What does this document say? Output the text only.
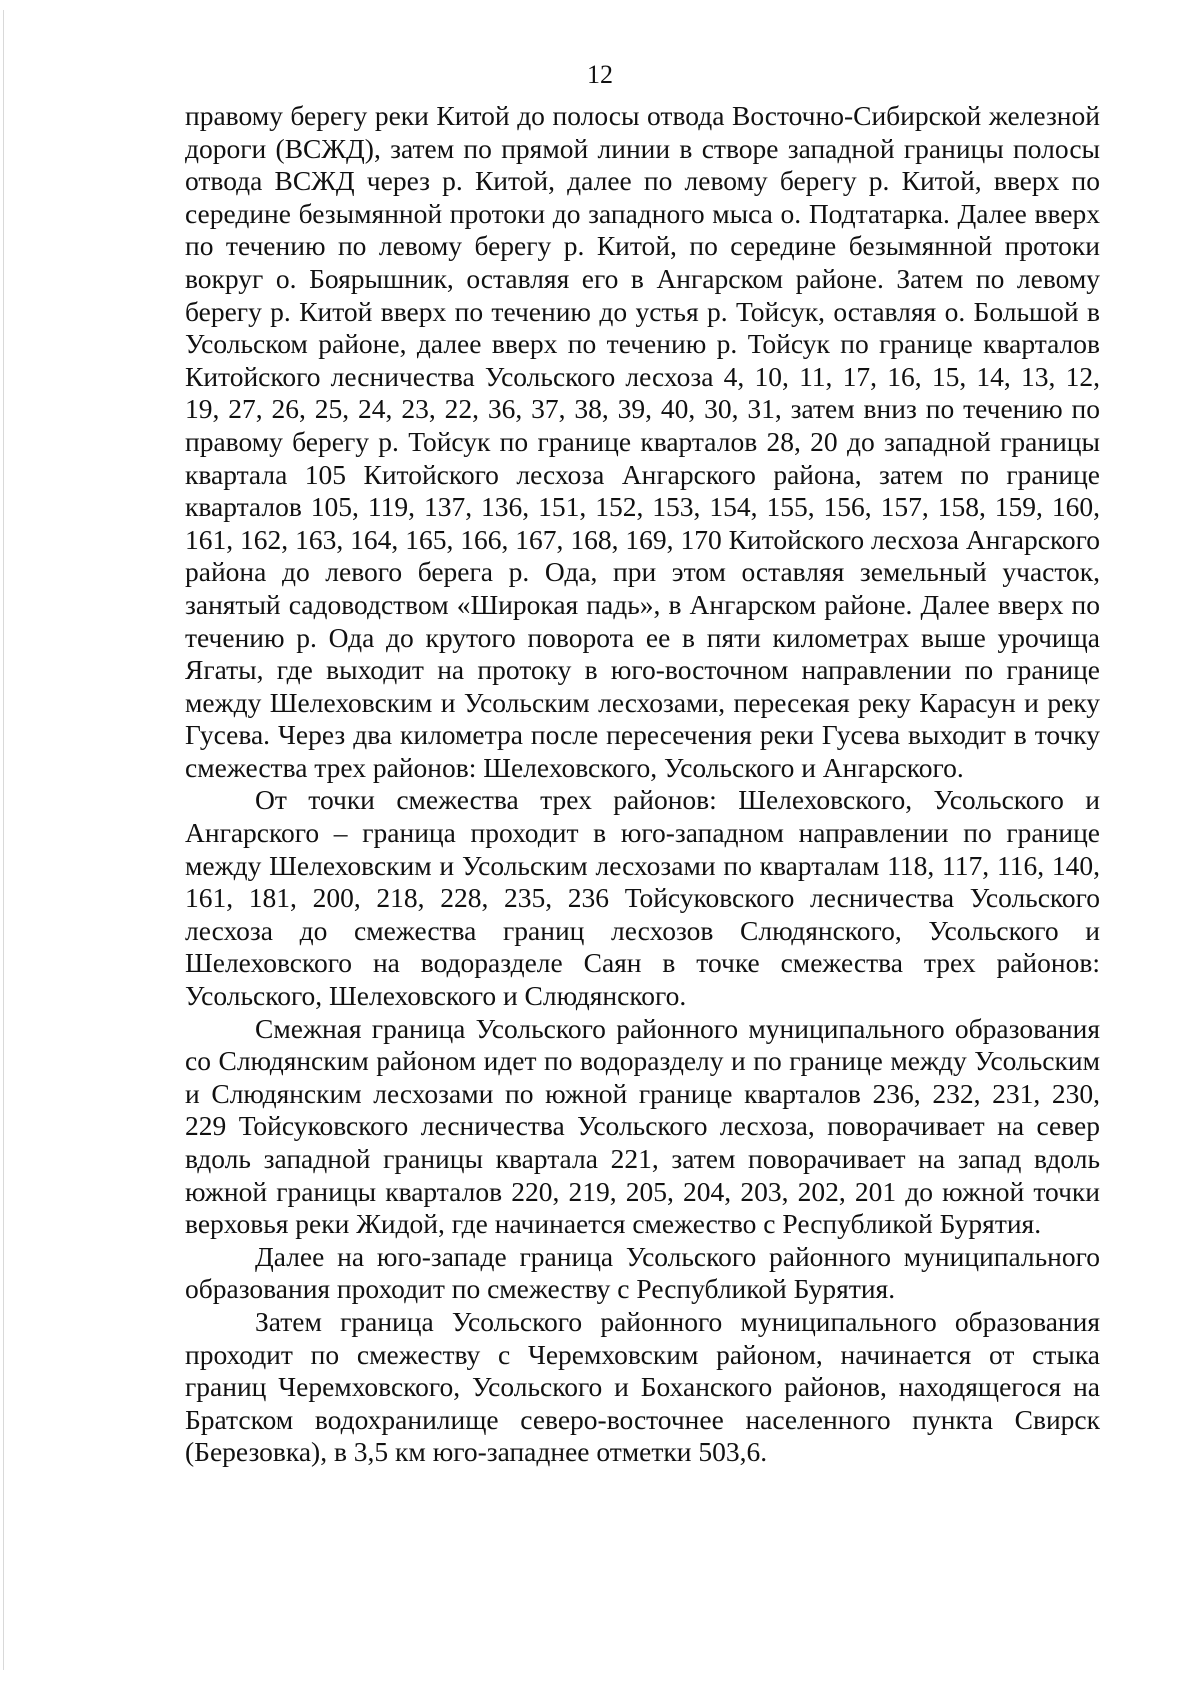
12

правому берегу реки Китой до полосы отвода Восточно-Сибирской железной дороги (ВСЖД), затем по прямой линии в створе западной границы полосы отвода ВСЖД через р. Китой, далее по левому берегу р. Китой, вверх по середине безымянной протоки до западного мыса о. Подтатарка. Далее вверх по течению по левому берегу р. Китой, по середине безымянной протоки вокруг о. Боярышник, оставляя его в Ангарском районе. Затем по левому берегу р. Китой вверх по течению до устья р. Тойсук, оставляя о. Большой в Усольском районе, далее вверх по течению р. Тойсук по границе кварталов Китойского лесничества Усольского лесхоза 4, 10, 11, 17, 16, 15, 14, 13, 12, 19, 27, 26, 25, 24, 23, 22, 36, 37, 38, 39, 40, 30, 31, затем вниз по течению по правому берегу р. Тойсук по границе кварталов 28, 20 до западной границы квартала 105 Китойского лесхоза Ангарского района, затем по границе кварталов 105, 119, 137, 136, 151, 152, 153, 154, 155, 156, 157, 158, 159, 160, 161, 162, 163, 164, 165, 166, 167, 168, 169, 170 Китойского лесхоза Ангарского района до левого берега р. Ода, при этом оставляя земельный участок, занятый садоводством «Широкая падь», в Ангарском районе. Далее вверх по течению р. Ода до крутого поворота ее в пяти километрах выше урочища Ягаты, где выходит на протоку в юго-восточном направлении по границе между Шелеховским и Усольским лесхозами, пересекая реку Карасун и реку Гусева. Через два километра после пересечения реки Гусева выходит в точку смежества трех районов: Шелеховского, Усольского и Ангарского.

От точки смежества трех районов: Шелеховского, Усольского и Ангарского – граница проходит в юго-западном направлении по границе между Шелеховским и Усольским лесхозами по кварталам 118, 117, 116, 140, 161, 181, 200, 218, 228, 235, 236 Тойсуковского лесничества Усольского лесхоза до смежества границ лесхозов Слюдянского, Усольского и Шелеховского на водоразделе Саян в точке смежества трех районов: Усольского, Шелеховского и Слюдянского.

Смежная граница Усольского районного муниципального образования со Слюдянским районом идет по водоразделу и по границе между Усольским и Слюдянским лесхозами по южной границе кварталов 236, 232, 231, 230, 229 Тойсуковского лесничества Усольского лесхоза, поворачивает на север вдоль западной границы квартала 221, затем поворачивает на запад вдоль южной границы кварталов 220, 219, 205, 204, 203, 202, 201 до южной точки верховья реки Жидой, где начинается смежество с Республикой Бурятия.

Далее на юго-западе граница Усольского районного муниципального образования проходит по смежеству с Республикой Бурятия.

Затем граница Усольского районного муниципального образования проходит по смежеству с Черемховским районом, начинается от стыка границ Черемховского, Усольского и Боханского районов, находящегося на Братском водохранилище северо-восточнее населенного пункта Свирск (Березовка), в 3,5 км юго-западнее отметки 503,6.
